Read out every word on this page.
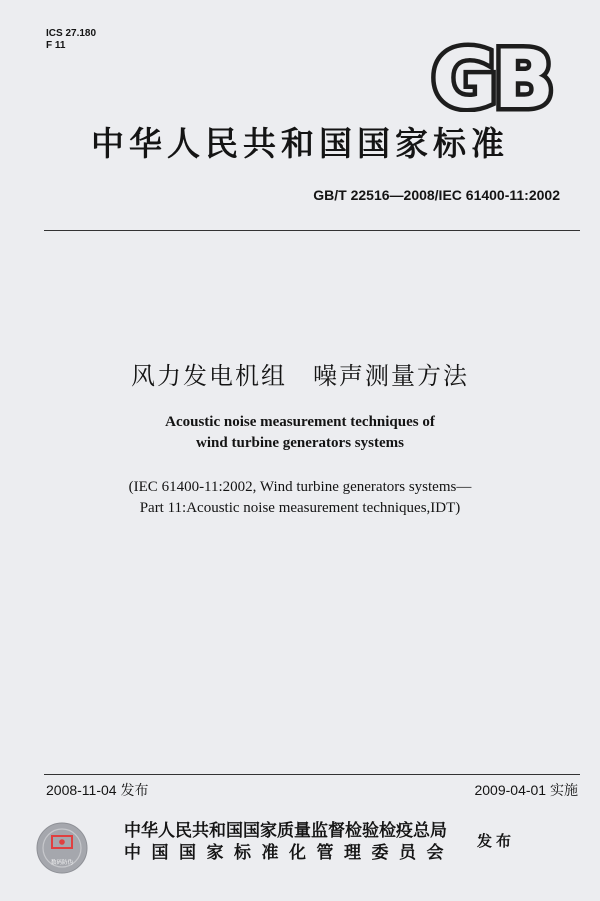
ICS 27.180
F 11	GB
中华人民共和国国家标准
GB/T 22516—2008/IEC 61400-11:2002
风力发电机组　噪声测量方法
Acoustic noise measurement techniques of
wind turbine generators systems
(IEC 61400-11:2002, Wind turbine generators systems—
Part 11:Acoustic noise measurement techniques,IDT)
2008-11-04 发布	2009-04-01 实施
数码防伪
中华人民共和国国家质量监督检验检疫总局
中国国家标准化管理委员会
发布
